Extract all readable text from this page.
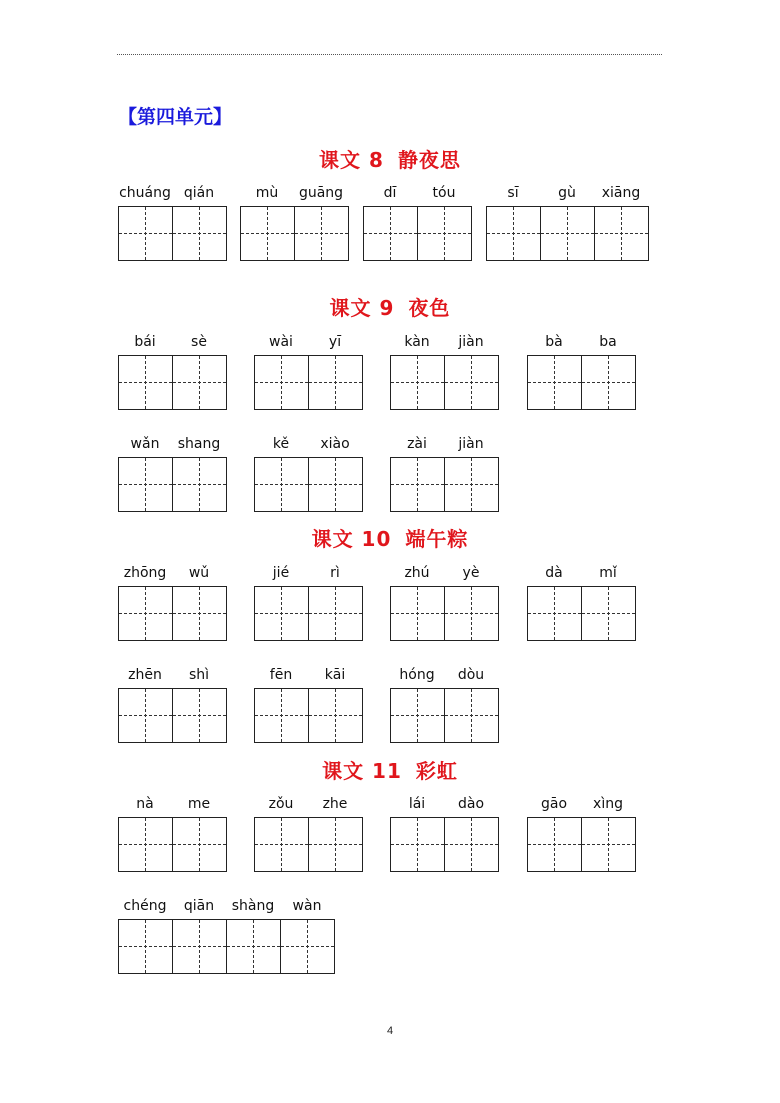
【第四单元】
课文 8 静夜思
chuáng qián	mù	guāng	dī	tóu	sī	gù	xiāng
课文 9 夜色
bái	sè	wài	yī	kàn	jiàn	bà	ba
wǎn	shang	kě	xiào	zài	jiàn
课文 10 端午粽
zhōng	wǔ	jié	rì	zhú	yè	dà	mǐ
zhēn	shì	fēn	kāi	hóng	dòu
课文 11 彩虹
nà	me	zǒu	zhe	lái	dào	gāo	xìng
chéng	qiān	shàng	wàn
4
